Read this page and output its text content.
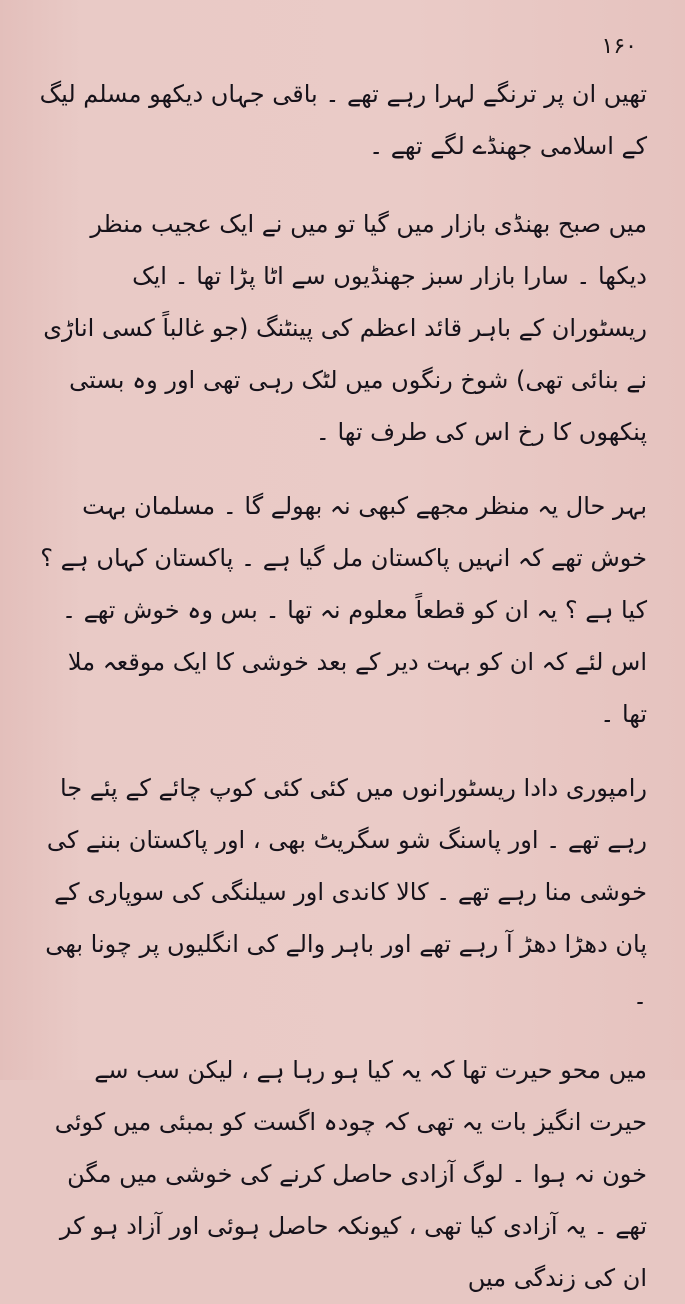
۱۶۰

تھیں ان پر ترنگے لہرا رہے تھے ۔ باقی جہاں دیکھو مسلم لیگ کے اسلامی جھنڈے لگے تھے ۔

میں صبح بھنڈی بازار میں گیا تو میں نے ایک عجیب منظر دیکھا ۔ سارا بازار سبز جھنڈیوں سے اٹا پڑا تھا ۔ ایک ریسٹوران کے باہر قائد اعظم کی پینٹنگ (جو غالباً کسی اناڑی نے بنائی تھی) شوخ رنگوں میں لٹک رہی تھی اور وہ بستی پنکھوں کا رخ اس کی طرف تھا ۔

بہر حال یہ منظر مجھے کبھی نہ بھولے گا ۔ مسلمان بہت خوش تھے کہ انہیں پاکستان مل گیا ہے ۔ پاکستان کہاں ہے ؟ کیا ہے ؟ یہ ان کو قطعاً معلوم نہ تھا ۔ بس وہ خوش تھے ۔ اس لئے کہ ان کو بہت دیر کے بعد خوشی کا ایک موقعہ ملا تھا ۔

رامپوری دادا ریسٹورانوں میں کئی کئی کوپ چائے کے پئے جا رہے تھے ۔ اور پاسنگ شو سگریٹ بھی ، اور پاکستان بننے کی خوشی منا رہے تھے ۔ کالا کاندی اور سیلنگی کی سوپاری کے پان دھڑا دھڑ آ رہے تھے اور باہر والے کی انگلیوں پر چونا بھی ۔

میں محو حیرت تھا کہ یہ کیا ہو رہا ہے ، لیکن سب سے حیرت انگیز بات یہ تھی کہ چودہ اگست کو بمبئی میں کوئی خون نہ ہوا ۔ لوگ آزادی حاصل کرنے کی خوشی میں مگن تھے ۔ یہ آزادی کیا تھی ، کیونکہ حاصل ہوئی اور آزاد ہو کر ان کی زندگی میں
